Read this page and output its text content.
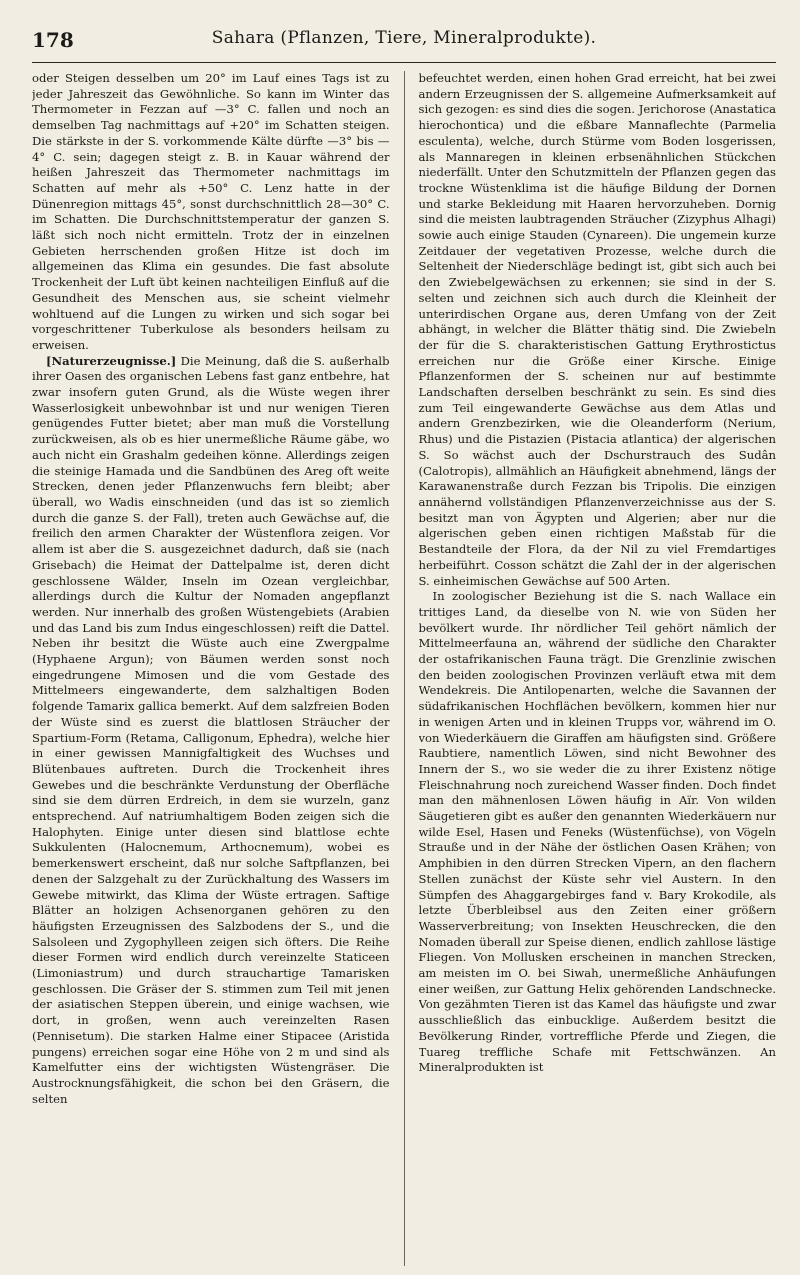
178	Sahara (Pflanzen, Tiere, Mineralprodukte).

oder Steigen desselben um 20° im Lauf eines Tags ist zu jeder Jahreszeit das Gewöhnliche. So kann im Winter das Thermometer in Fezzan auf —3° C. fallen und noch an demselben Tag nachmittags auf +20° im Schatten steigen. Die stärkste in der S. vorkommende Kälte dürfte —3° bis —4° C. sein; dagegen steigt z. B. in Kauar während der heißen Jahreszeit das Thermometer nachmittags im Schatten auf mehr als +50° C. Lenz hatte in der Dünenregion mittags 45°, sonst durchschnittlich 28—30° C. im Schatten. Die Durchschnittstemperatur der ganzen S. läßt sich noch nicht ermitteln. Trotz der in einzelnen Gebieten herrschenden großen Hitze ist doch im allgemeinen das Klima ein gesundes. Die fast absolute Trockenheit der Luft übt keinen nachteiligen Einfluß auf die Gesundheit des Menschen aus, sie scheint vielmehr wohltuend auf die Lungen zu wirken und sich sogar bei vorgeschrittener Tuberkulose als besonders heilsam zu erweisen.

[Naturerzeugnisse.] Die Meinung, daß die S. außerhalb ihrer Oasen des organischen Lebens fast ganz entbehre, hat zwar insofern guten Grund, als die Wüste wegen ihrer Wasserlosigkeit unbewohnbar ist und nur wenigen Tieren genügendes Futter bietet; aber man muß die Vorstellung zurückweisen, als ob es hier unermeßliche Räume gäbe, wo auch nicht ein Grashalm gedeihen könne. Allerdings zeigen die steinige Hamada und die Sandbünen des Areg oft weite Strecken, denen jeder Pflanzenwuchs fern bleibt; aber überall, wo Wadis einschneiden (und das ist so ziemlich durch die ganze S. der Fall), treten auch Gewächse auf, die freilich den armen Charakter der Wüstenflora zeigen. Vor allem ist aber die S. ausgezeichnet dadurch, daß sie (nach Grisebach) die Heimat der Dattelpalme ist, deren dicht geschlossene Wälder, Inseln im Ozean vergleichbar, allerdings durch die Kultur der Nomaden angepflanzt werden. Nur innerhalb des großen Wüstengebiets (Arabien und das Land bis zum Indus eingeschlossen) reift die Dattel. Neben ihr besitzt die Wüste auch eine Zwergpalme (Hyphaene Argun); von Bäumen werden sonst noch eingedrungene Mimosen und die vom Gestade des Mittelmeers eingewanderte, dem salzhaltigen Boden folgende Tamarix gallica bemerkt. Auf dem salzfreien Boden der Wüste sind es zuerst die blattlosen Sträucher der Spartium-Form (Retama, Calligonum, Ephedra), welche hier in einer gewissen Mannigfaltigkeit des Wuchses und Blütenbaues auftreten. Durch die Trockenheit ihres Gewebes und die beschränkte Verdunstung der Oberfläche sind sie dem dürren Erdreich, in dem sie wurzeln, ganz entsprechend. Auf natriumhaltigem Boden zeigen sich die Halophyten. Einige unter diesen sind blattlose echte Sukkulenten (Halocnemum, Arthocnemum), wobei es bemerkenswert erscheint, daß nur solche Saftpflanzen, bei denen der Salzgehalt zu der Zurückhaltung des Wassers im Gewebe mitwirkt, das Klima der Wüste ertragen. Saftige Blätter an holzigen Achsenorganen gehören zu den häufigsten Erzeugnissen des Salzbodens der S., und die Salsoleen und Zygophylleen zeigen sich öfters. Die Reihe dieser Formen wird endlich durch vereinzelte Staticeen (Limoniastrum) und durch strauchartige Tamarisken geschlossen. Die Gräser der S. stimmen zum Teil mit jenen der asiatischen Steppen überein, und einige wachsen, wie dort, in großen, wenn auch vereinzelten Rasen (Pennisetum). Die starken Halme einer Stipacee (Aristida pungens) erreichen sogar eine Höhe von 2 m und sind als Kamelfutter eins der wichtigsten Wüstengräser. Die Austrocknungsfähigkeit, die schon bei den Gräsern, die selten

befeuchtet werden, einen hohen Grad erreicht, hat bei zwei andern Erzeugnissen der S. allgemeine Aufmerksamkeit auf sich gezogen: es sind dies die sogen. Jerichorose (Anastatica hierochontica) und die eßbare Mannaflechte (Parmelia esculenta), welche, durch Stürme vom Boden losgerissen, als Mannaregen in kleinen erbsenähnlichen Stückchen niederfällt. Unter den Schutzmitteln der Pflanzen gegen das trockne Wüstenklima ist die häufige Bildung der Dornen und starke Bekleidung mit Haaren hervorzuheben. Dornig sind die meisten laubtragenden Sträucher (Zizyphus Alhagi) sowie auch einige Stauden (Cynareen). Die ungemein kurze Zeitdauer der vegetativen Prozesse, welche durch die Seltenheit der Niederschläge bedingt ist, gibt sich auch bei den Zwiebelgewächsen zu erkennen; sie sind in der S. selten und zeichnen sich auch durch die Kleinheit der unterirdischen Organe aus, deren Umfang von der Zeit abhängt, in welcher die Blätter thätig sind. Die Zwiebeln der für die S. charakteristischen Gattung Erythrostictus erreichen nur die Größe einer Kirsche. Einige Pflanzenformen der S. scheinen nur auf bestimmte Landschaften derselben beschränkt zu sein. Es sind dies zum Teil eingewanderte Gewächse aus dem Atlas und andern Grenzbezirken, wie die Oleanderform (Nerium, Rhus) und die Pistazien (Pistacia atlantica) der algerischen S. So wächst auch der Dschurstrauch des Sudân (Calotropis), allmählich an Häufigkeit abnehmend, längs der Karawanenstraße durch Fezzan bis Tripolis. Die einzigen annähernd vollständigen Pflanzenverzeichnisse aus der S. besitzt man von Ägypten und Algerien; aber nur die algerischen geben einen richtigen Maßstab für die Bestandteile der Flora, da der Nil zu viel Fremdartiges herbeiführt. Cosson schätzt die Zahl der in der algerischen S. einheimischen Gewächse auf 500 Arten.

In zoologischer Beziehung ist die S. nach Wallace ein trittiges Land, da dieselbe von N. wie von Süden her bevölkert wurde. Ihr nördlicher Teil gehört nämlich der Mittelmeerfauna an, während der südliche den Charakter der ostafrikanischen Fauna trägt. Die Grenzlinie zwischen den beiden zoologischen Provinzen verläuft etwa mit dem Wendekreis. Die Antilopenarten, welche die Savannen der südafrikanischen Hochflächen bevölkern, kommen hier nur in wenigen Arten und in kleinen Trupps vor, während im O. von Wiederkäuern die Giraffen am häufigsten sind. Größere Raubtiere, namentlich Löwen, sind nicht Bewohner des Innern der S., wo sie weder die zu ihrer Existenz nötige Fleischnahrung noch zureichend Wasser finden. Doch findet man den mähnenlosen Löwen häufig in Aïr. Von wilden Säugetieren gibt es außer den genannten Wiederkäuern nur wilde Esel, Hasen und Feneks (Wüstenfüchse), von Vögeln Strauße und in der Nähe der östlichen Oasen Krähen; von Amphibien in den dürren Strecken Vipern, an den flachern Stellen zunächst der Küste sehr viel Austern. In den Sümpfen des Ahaggargebirges fand v. Bary Krokodile, als letzte Überbleibsel aus den Zeiten einer größern Wasserverbreitung; von Insekten Heuschrecken, die den Nomaden überall zur Speise dienen, endlich zahllose lästige Fliegen. Von Mollusken erscheinen in manchen Strecken, am meisten im O. bei Siwah, unermeßliche Anhäufungen einer weißen, zur Gattung Helix gehörenden Landschnecke. Von gezähmten Tieren ist das Kamel das häufigste und zwar ausschließlich das einbucklige. Außerdem besitzt die Bevölkerung Rinder, vortreffliche Pferde und Ziegen, die Tuareg treffliche Schafe mit Fettschwänzen. An Mineralprodukten ist
